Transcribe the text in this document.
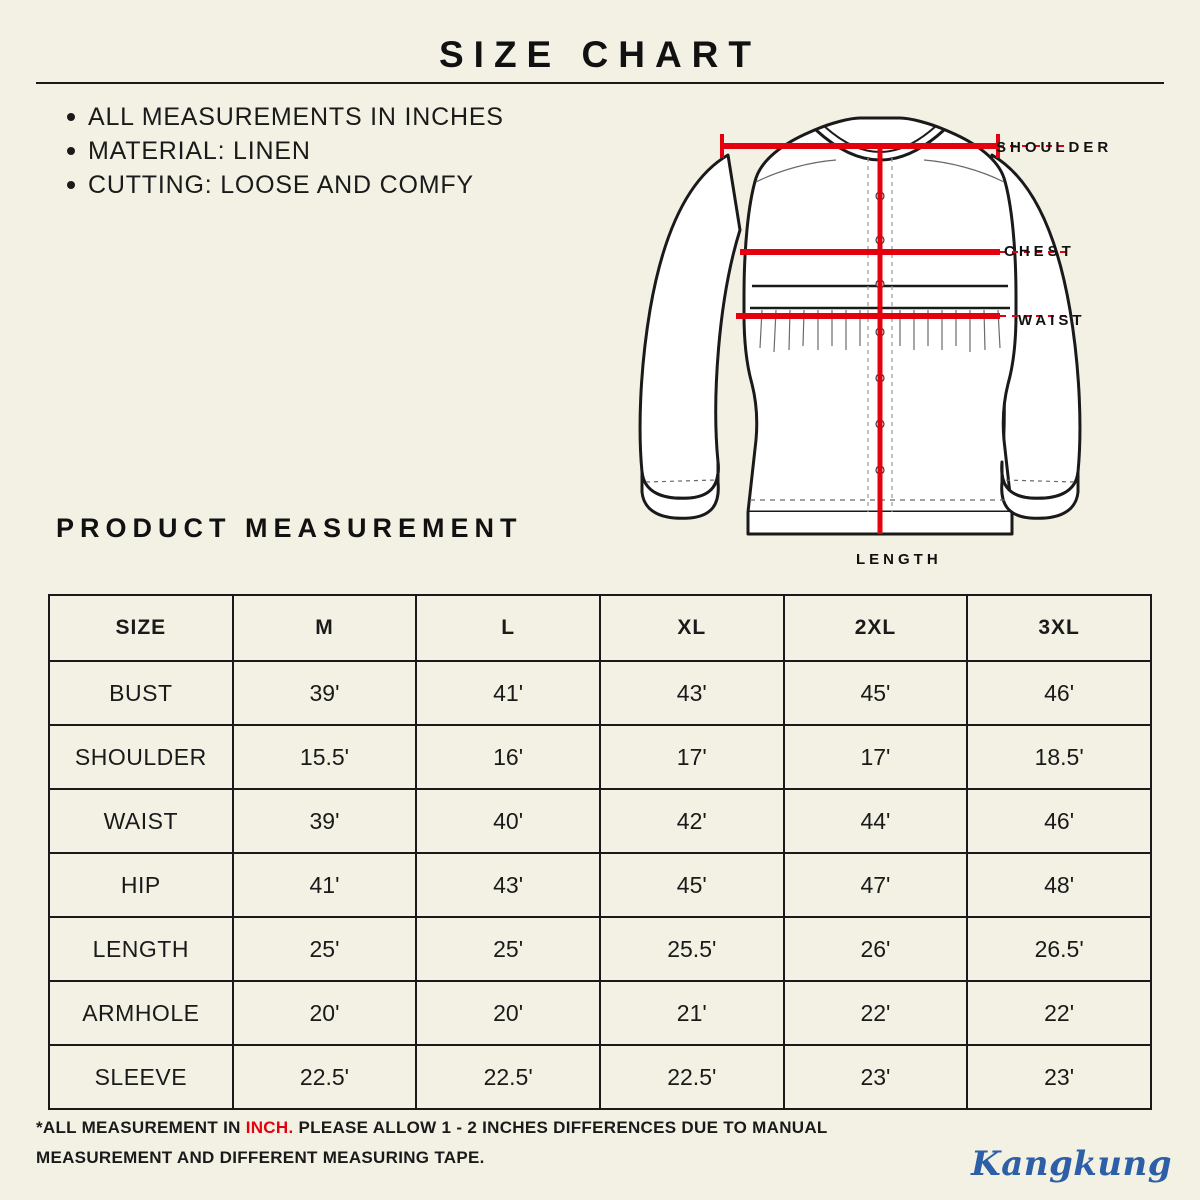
SIZE CHART
ALL MEASUREMENTS IN INCHES
MATERIAL: LINEN
CUTTING: LOOSE AND COMFY
SHOULDER
CHEST
WAIST
LENGTH
PRODUCT MEASUREMENT
SIZE	M	L	XL	2XL	3XL
BUST	39'	41'	43'	45'	46'
SHOULDER	15.5'	16'	17'	17'	18.5'
WAIST	39'	40'	42'	44'	46'
HIP	41'	43'	45'	47'	48'
LENGTH	25'	25'	25.5'	26'	26.5'
ARMHOLE	20'	20'	21'	22'	22'
SLEEVE	22.5'	22.5'	22.5'	23'	23'
*ALL MEASUREMENT IN INCH. PLEASE ALLOW 1 - 2 INCHES DIFFERENCES DUE TO MANUAL MEASUREMENT AND DIFFERENT MEASURING TAPE.	Kangkung
